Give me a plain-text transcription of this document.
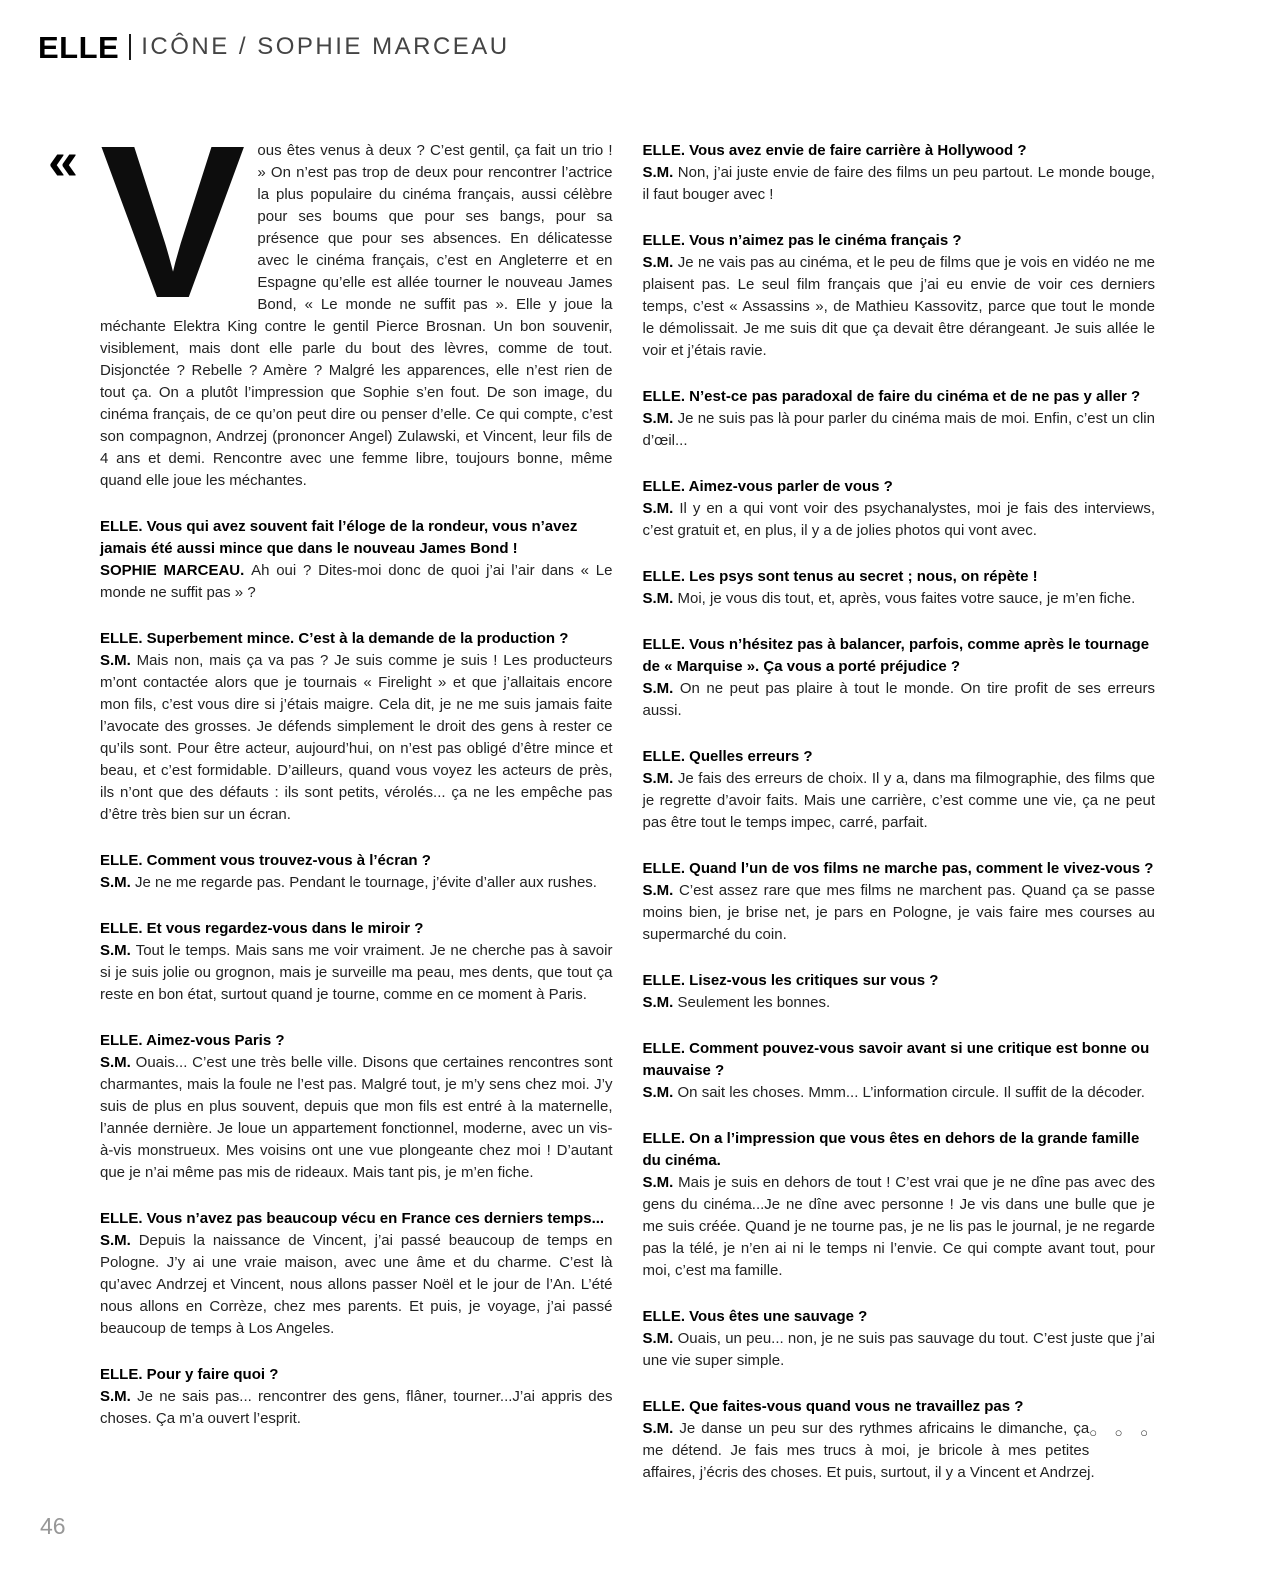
ELLE ICÔNE / SOPHIE MARCEAU
« V ous êtes venus à deux ? C’est gentil, ça fait un trio ! » On n’est pas trop de deux pour rencontrer l’actrice la plus populaire du cinéma français, aussi célèbre pour ses boums que pour ses bangs, pour sa présence que pour ses absences. En délicatesse avec le cinéma français, c’est en Angleterre et en Espagne qu’elle est allée tourner le nouveau James Bond, « Le monde ne suffit pas ». Elle y joue la méchante Elektra King contre le gentil Pierce Brosnan. Un bon souvenir, visiblement, mais dont elle parle du bout des lèvres, comme de tout. Disjonctée ? Rebelle ? Amère ? Malgré les apparences, elle n’est rien de tout ça. On a plutôt l’impression que Sophie s’en fout. De son image, du cinéma français, de ce qu’on peut dire ou penser d’elle. Ce qui compte, c’est son compagnon, Andrzej (prononcer Angel) Zulawski, et Vincent, leur fils de 4 ans et demi. Rencontre avec une femme libre, toujours bonne, même quand elle joue les méchantes.

ELLE. Vous qui avez souvent fait l’éloge de la rondeur, vous n’avez jamais été aussi mince que dans le nouveau James Bond !

SOPHIE MARCEAU. Ah oui ? Dites-moi donc de quoi j’ai l’air dans « Le monde ne suffit pas » ?

ELLE. Superbement mince. C’est à la demande de la production ?

S.M. Mais non, mais ça va pas ? Je suis comme je suis ! Les producteurs m’ont contactée alors que je tournais « Firelight » et que j’allaitais encore mon fils, c’est vous dire si j’étais maigre. Cela dit, je ne me suis jamais faite l’avocate des grosses. Je défends simplement le droit des gens à rester ce qu’ils sont. Pour être acteur, aujourd’hui, on n’est pas obligé d’être mince et beau, et c’est formidable. D’ailleurs, quand vous voyez les acteurs de près, ils n’ont que des défauts : ils sont petits, vérolés... ça ne les empêche pas d’être très bien sur un écran.

ELLE. Comment vous trouvez-vous à l’écran ?

S.M. Je ne me regarde pas. Pendant le tournage, j’évite d’aller aux rushes.

ELLE. Et vous regardez-vous dans le miroir ?

S.M. Tout le temps. Mais sans me voir vraiment. Je ne cherche pas à savoir si je suis jolie ou grognon, mais je surveille ma peau, mes dents, que tout ça reste en bon état, surtout quand je tourne, comme en ce moment à Paris.

ELLE. Aimez-vous Paris ?

S.M. Ouais... C’est une très belle ville. Disons que certaines rencontres sont charmantes, mais la foule ne l’est pas. Malgré tout, je m’y sens chez moi. J’y suis de plus en plus souvent, depuis que mon fils est entré à la maternelle, l’année dernière. Je loue un appartement fonctionnel, moderne, avec un vis-à-vis monstrueux. Mes voisins ont une vue plongeante chez moi ! D’autant que je n’ai même pas mis de rideaux. Mais tant pis, je m’en fiche.

ELLE. Vous n’avez pas beaucoup vécu en France ces derniers temps...

S.M. Depuis la naissance de Vincent, j’ai passé beaucoup de temps en Pologne. J’y ai une vraie maison, avec une âme et du charme. C’est là qu’avec Andrzej et Vincent, nous allons passer Noël et le jour de l’An. L’été nous allons en Corrèze, chez mes parents. Et puis, je voyage, j’ai passé beaucoup de temps à Los Angeles.

ELLE. Pour y faire quoi ?

S.M. Je ne sais pas... rencontrer des gens, flâner, tourner...J’ai appris des choses. Ça m’a ouvert l’esprit.

ELLE. Vous avez envie de faire carrière à Hollywood ?

S.M. Non, j’ai juste envie de faire des films un peu partout. Le monde bouge, il faut bouger avec !

ELLE. Vous n’aimez pas le cinéma français ?

S.M. Je ne vais pas au cinéma, et le peu de films que je vois en vidéo ne me plaisent pas. Le seul film français que j’ai eu envie de voir ces derniers temps, c’est « Assassins », de Mathieu Kassovitz, parce que tout le monde le démolissait. Je me suis dit que ça devait être dérangeant. Je suis allée le voir et j’étais ravie.

ELLE. N’est-ce pas paradoxal de faire du cinéma et de ne pas y aller ?

S.M. Je ne suis pas là pour parler du cinéma mais de moi. Enfin, c’est un clin d’œil...

ELLE. Aimez-vous parler de vous ?

S.M. Il y en a qui vont voir des psychanalystes, moi je fais des interviews, c’est gratuit et, en plus, il y a de jolies photos qui vont avec.

ELLE. Les psys sont tenus au secret ; nous, on répète !

S.M. Moi, je vous dis tout, et, après, vous faites votre sauce, je m’en fiche.

ELLE. Vous n’hésitez pas à balancer, parfois, comme après le tournage de « Marquise ». Ça vous a porté préjudice ?

S.M. On ne peut pas plaire à tout le monde. On tire profit de ses erreurs aussi.

ELLE. Quelles erreurs ?

S.M. Je fais des erreurs de choix. Il y a, dans ma filmographie, des films que je regrette d’avoir faits. Mais une carrière, c’est comme une vie, ça ne peut pas être tout le temps impec, carré, parfait.

ELLE. Quand l’un de vos films ne marche pas, comment le vivez-vous ?

S.M. C’est assez rare que mes films ne marchent pas. Quand ça se passe moins bien, je brise net, je pars en Pologne, je vais faire mes courses au supermarché du coin.

ELLE. Lisez-vous les critiques sur vous ?

S.M. Seulement les bonnes.

ELLE. Comment pouvez-vous savoir avant si une critique est bonne ou mauvaise ?

S.M. On sait les choses. Mmm... L’information circule. Il suffit de la décoder.

ELLE. On a l’impression que vous êtes en dehors de la grande famille du cinéma.

S.M. Mais je suis en dehors de tout ! C’est vrai que je ne dîne pas avec des gens du cinéma...Je ne dîne avec personne ! Je vis dans une bulle que je me suis créée. Quand je ne tourne pas, je ne lis pas le journal, je ne regarde pas la télé, je n’en ai ni le temps ni l’envie. Ce qui compte avant tout, pour moi, c’est ma famille.

ELLE. Vous êtes une sauvage ?

S.M. Ouais, un peu... non, je ne suis pas sauvage du tout. C’est juste que j’ai une vie super simple.

ELLE. Que faites-vous quand vous ne travaillez pas ?

○ ○ ○
S.M. Je danse un peu sur des rythmes africains le dimanche, ça me détend. Je fais mes trucs à moi, je bricole à mes petites affaires, j’écris des choses. Et puis, surtout, il y a Vincent et Andrzej.

46
